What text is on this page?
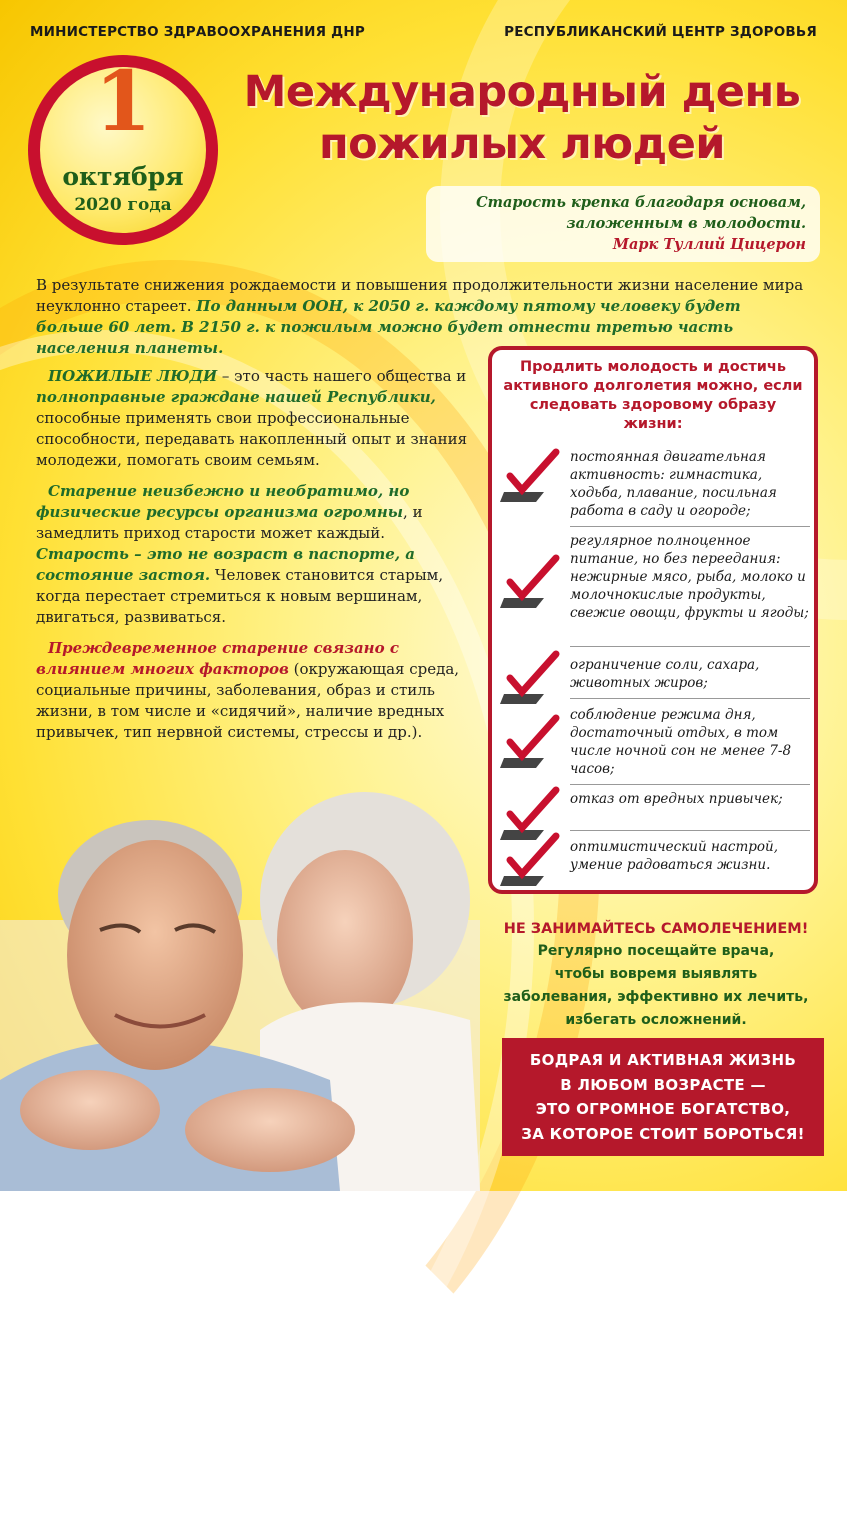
МИНИСТЕРСТВО ЗДРАВООХРАНЕНИЯ ДНР	РЕСПУБЛИКАНСКИЙ ЦЕНТР ЗДОРОВЬЯ
1
октября
2020 года
Международный день
пожилых людей
Старость крепка благодаря основам,
заложенным в молодости.
Марк Туллий Цицерон
В результате снижения рождаемости и повышения продолжительности жизни население мира неуклонно стареет. По данным ООН, к 2050 г. каждому пятому человеку будет больше 60 лет. В 2150 г. к пожилым можно будет отнести третью часть населения планеты.

ПОЖИЛЫЕ ЛЮДИ – это часть нашего общества и полноправные граждане нашей Республики, способные применять свои профессиональные способности, передавать накопленный опыт и знания молодежи, помогать своим семьям.

Старение неизбежно и необратимо, но физические ресурсы организма огромны, и замедлить приход старости может каждый. Старость – это не возраст в паспорте, а состояние застоя. Человек становится старым, когда перестает стремиться к новым вершинам, двигаться, развиваться.

Преждевременное старение связано с влиянием многих факторов (окружающая среда, социальные причины, заболевания, образ и стиль жизни, в том числе и «сидячий», наличие вредных привычек, тип нервной системы, стрессы и др.).

Продлить молодость и достичь активного долголетия можно, если следовать здоровому образу жизни:
постоянная двигательная активность: гимнастика, ходьба, плавание, посильная работа в саду и огороде;
регулярное полноценное питание, но без переедания: нежирные мясо, рыба, молоко и молочнокислые продукты, свежие овощи, фрукты и ягоды;
ограничение соли, сахара, животных жиров;
соблюдение режима дня, достаточный отдых, в том числе ночной сон не менее 7-8 часов;
отказ от вредных привычек;
оптимистический настрой, умение радоваться жизни.
НЕ ЗАНИМАЙТЕСЬ САМОЛЕЧЕНИЕМ!
Регулярно посещайте врача,
чтобы вовремя выявлять
заболевания, эффективно их лечить,
избегать осложнений.
БОДРАЯ И АКТИВНАЯ ЖИЗНЬ
В ЛЮБОМ ВОЗРАСТЕ —
ЭТО ОГРОМНОЕ БОГАТСТВО,
ЗА КОТОРОЕ СТОИТ БОРОТЬСЯ!
